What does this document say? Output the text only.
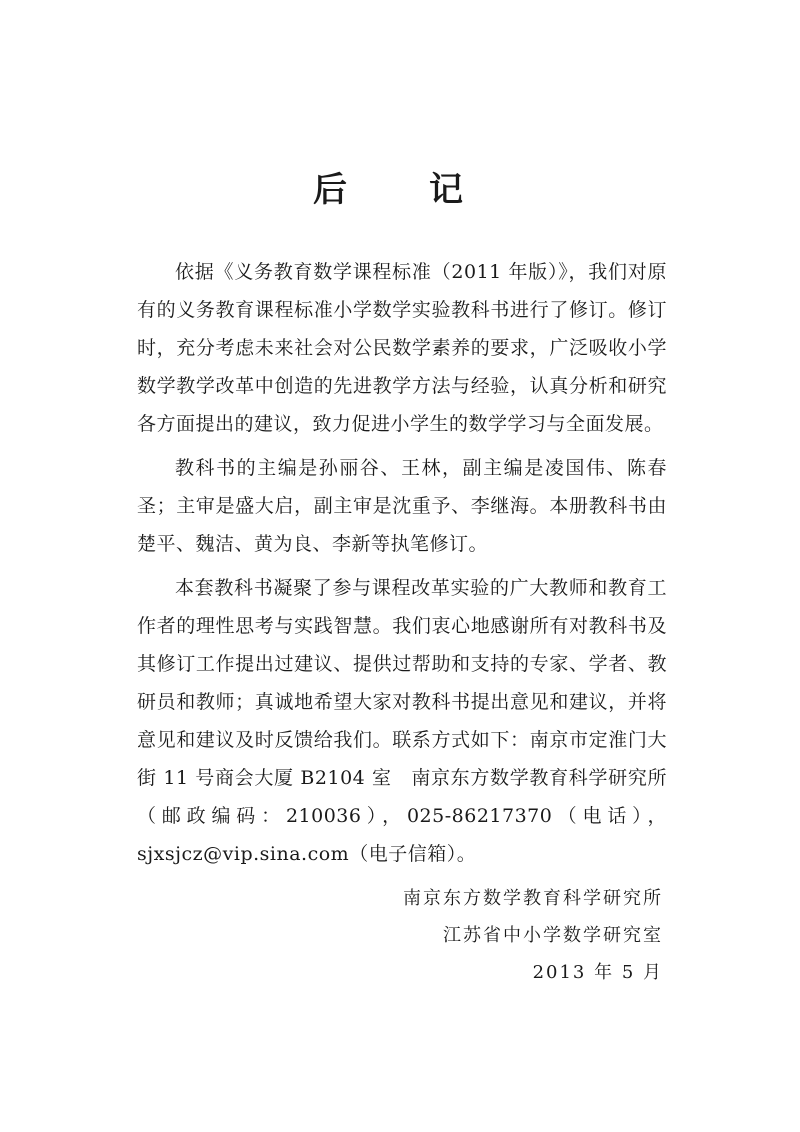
后　记

依据《义务教育数学课程标准（2011 年版）》，我们对原有的义务教育课程标准小学数学实验教科书进行了修订。修订时，充分考虑未来社会对公民数学素养的要求，广泛吸收小学数学教学改革中创造的先进教学方法与经验，认真分析和研究各方面提出的建议，致力促进小学生的数学学习与全面发展。

教科书的主编是孙丽谷、王林，副主编是凌国伟、陈春圣；主审是盛大启，副主审是沈重予、李继海。本册教科书由楚平、魏洁、黄为良、李新等执笔修订。

本套教科书凝聚了参与课程改革实验的广大教师和教育工作者的理性思考与实践智慧。我们衷心地感谢所有对教科书及其修订工作提出过建议、提供过帮助和支持的专家、学者、教研员和教师；真诚地希望大家对教科书提出意见和建议，并将意见和建议及时反馈给我们。联系方式如下：南京市定淮门大街 11 号商会大厦 B2104 室　南京东方数学教育科学研究所（邮政编码：210036），025-86217370（电话），sjxsjcz@vip.sina.com（电子信箱）。

南京东方数学教育科学研究所

江苏省中小学数学研究室

2013 年 5 月
